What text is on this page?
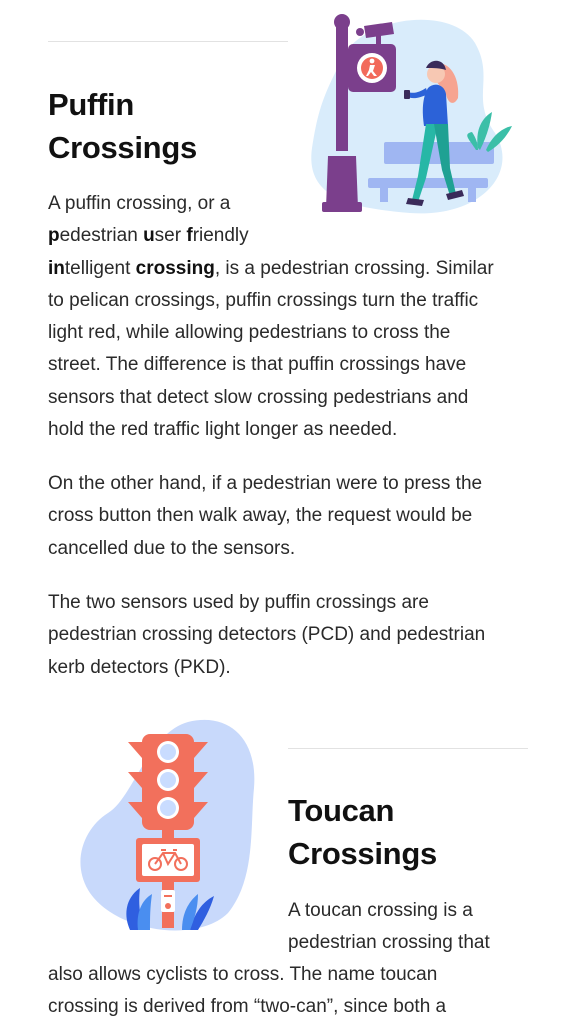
Puffin
Crossings

A puffin crossing, or a
pedestrian user friendly
intelligent crossing, is a pedestrian crossing. Similar
to pelican crossings, puffin crossings turn the traffic
light red, while allowing pedestrians to cross the
street. The difference is that puffin crossings have
sensors that detect slow crossing pedestrians and
hold the red traffic light longer as needed.

On the other hand, if a pedestrian were to press the
cross button then walk away, the request would be
cancelled due to the sensors.

The two sensors used by puffin crossings are
pedestrian crossing detectors (PCD) and pedestrian
kerb detectors (PKD).

Toucan
Crossings

A toucan crossing is a
pedestrian crossing that

also allows cyclists to cross. The name toucan
crossing is derived from “two-can”, since both a
